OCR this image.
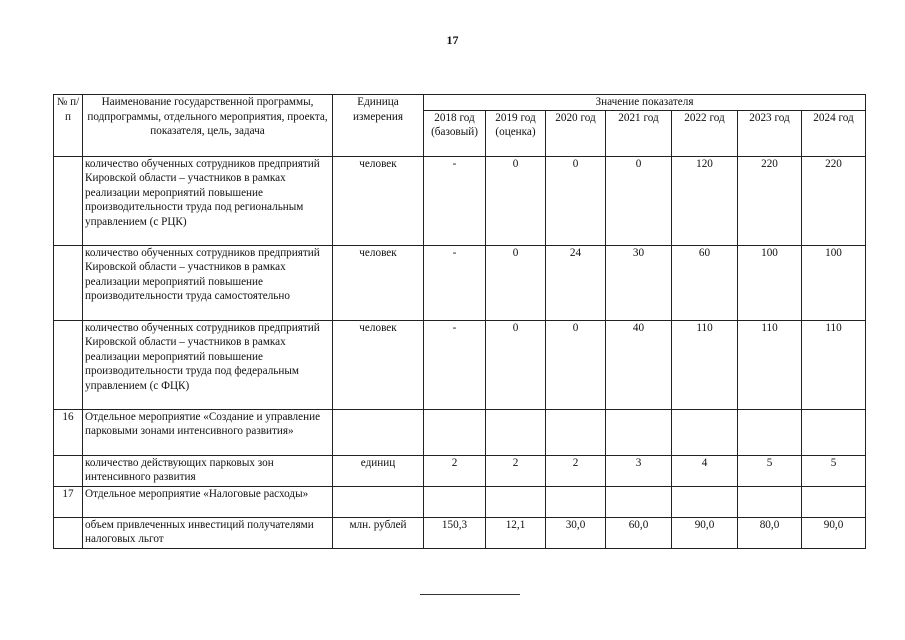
17
№ п/п	Наименование государственной программы, подпрограммы, отдельного мероприятия, проекта, показателя, цель, задача	Единица измерения	Значение показателя						
			2018 год (базовый)	2019 год (оценка)	2020 год	2021 год	2022 год	2023 год	2024 год
	количество обученных сотрудников предприятий Кировской области – участников в рамках реализации мероприятий повышение производительности труда под региональным управлением (с РЦК)	человек	-	0	0	0	120	220	220
	количество обученных сотрудников предприятий Кировской области – участников в рамках реализации мероприятий повышение производительности труда самостоятельно	человек	-	0	24	30	60	100	100
	количество обученных сотрудников предприятий Кировской области – участников в рамках реализации мероприятий повышение производительности труда под федеральным управлением (с ФЦК)	человек	-	0	0	40	110	110	110
16	Отдельное мероприятие «Создание и управление парковыми зонами интенсивного развития»								
	количество действующих парковых зон интенсивного развития	единиц	2	2	2	3	4	5	5
17	Отдельное мероприятие «Налоговые расходы»								
	объем привлеченных инвестиций получателями налоговых льгот	млн. рублей	150,3	12,1	30,0	60,0	90,0	80,0	90,0
